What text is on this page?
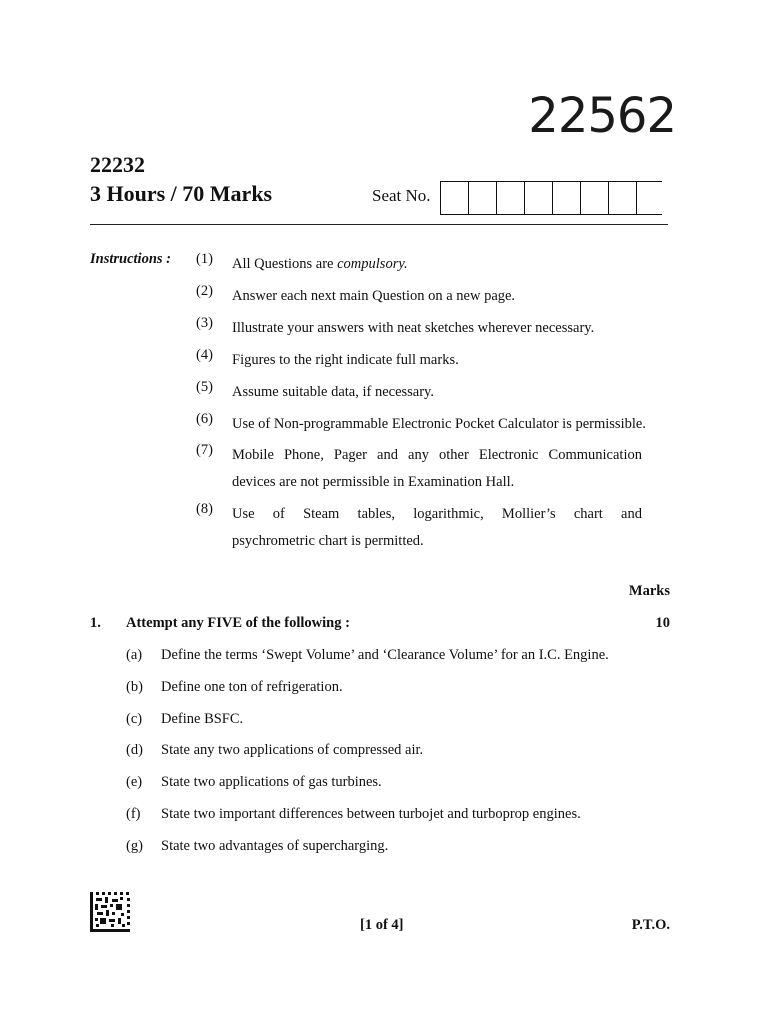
22562
22232
3 Hours / 70 Marks	Seat No.
Instructions : (1)	All Questions are compulsory.
(2)	Answer each next main Question on a new page.
(3)	Illustrate your answers with neat sketches wherever necessary.
(4)	Figures to the right indicate full marks.
(5)	Assume suitable data, if necessary.
(6)	Use of Non-programmable Electronic Pocket Calculator is permissible.
(7)	Mobile Phone, Pager and any other Electronic Communication
devices are not permissible in Examination Hall.
(8)	Use of Steam tables, logarithmic, Mollier’s chart and
psychrometric chart is permitted.
Marks
1. Attempt any FIVE of the following :	10
(a) Define the terms ‘Swept Volume’ and ‘Clearance Volume’ for an I.C. Engine.
(b) Define one ton of refrigeration.
(c) Define BSFC.
(d) State any two applications of compressed air.
(e) State two applications of gas turbines.
(f) State two important differences between turbojet and turboprop engines.
(g) State two advantages of supercharging.
[1 of 4]	P.T.O.
